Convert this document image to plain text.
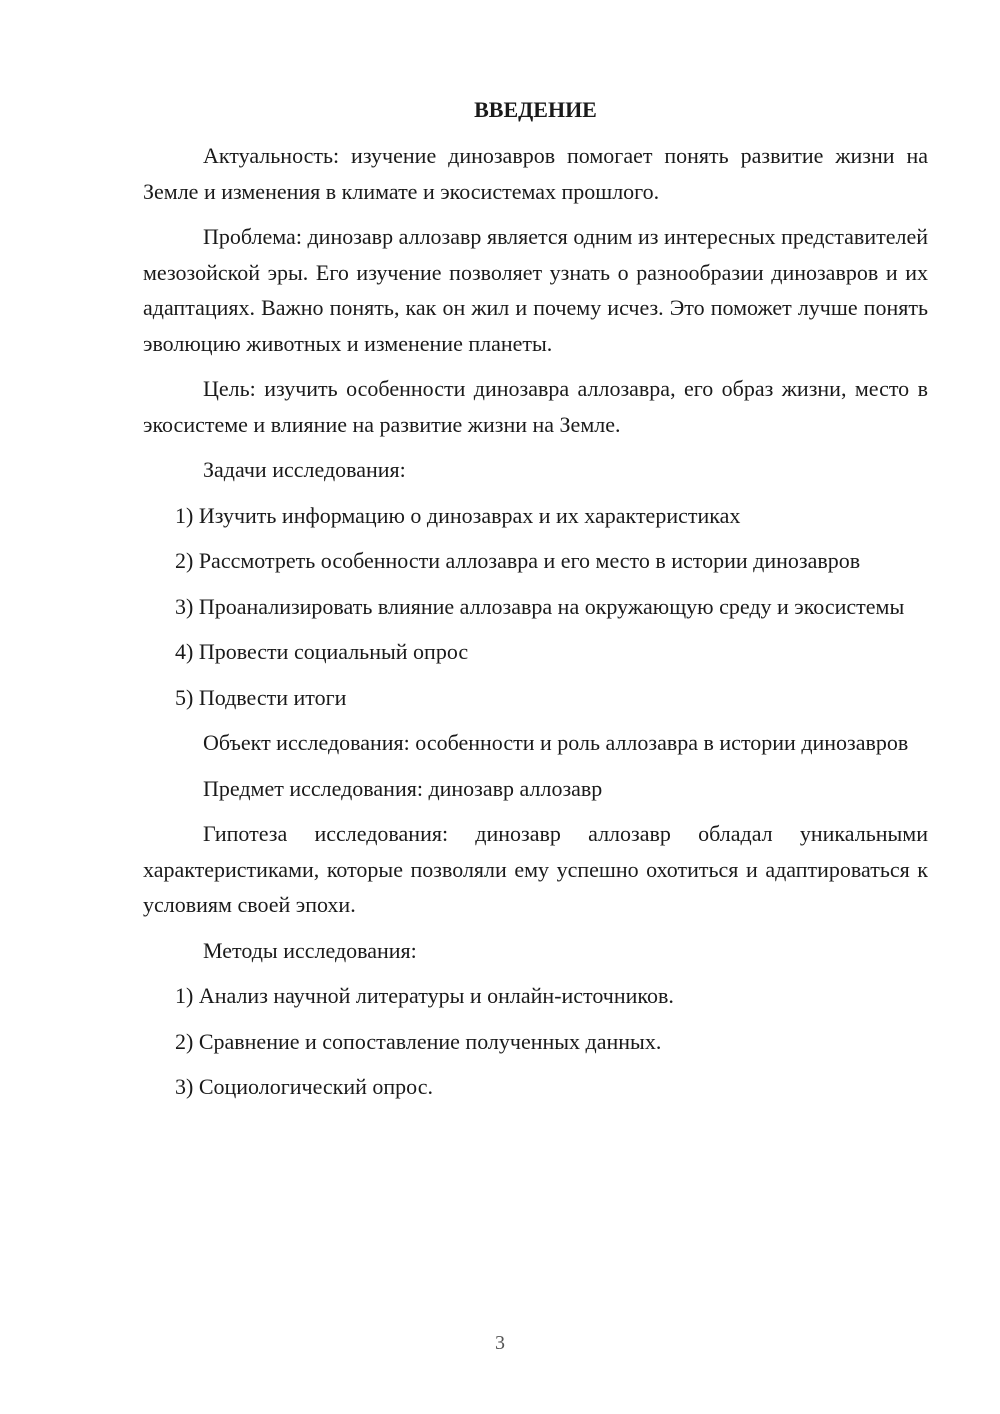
ВВЕДЕНИЕ

Актуальность: изучение динозавров помогает понять развитие жизни на Земле и изменения в климате и экосистемах прошлого.

Проблема: динозавр аллозавр является одним из интересных представителей мезозойской эры. Его изучение позволяет узнать о разнообразии динозавров и их адаптациях. Важно понять, как он жил и почему исчез. Это поможет лучше понять эволюцию животных и изменение планеты.

Цель: изучить особенности динозавра аллозавра, его образ жизни, место в экосистеме и влияние на развитие жизни на Земле.

Задачи исследования:

1) Изучить информацию о динозаврах и их характеристиках

2) Рассмотреть особенности аллозавра и его место в истории динозавров

3) Проанализировать влияние аллозавра на окружающую среду и экосистемы

4) Провести социальный опрос

5) Подвести итоги

Объект исследования: особенности и роль аллозавра в истории динозавров

Предмет исследования: динозавр аллозавр

Гипотеза исследования: динозавр аллозавр обладал уникальными характеристиками, которые позволяли ему успешно охотиться и адаптироваться к условиям своей эпохи.

Методы исследования:

1) Анализ научной литературы и онлайн-источников.

2) Сравнение и сопоставление полученных данных.

3) Социологический опрос.

3
